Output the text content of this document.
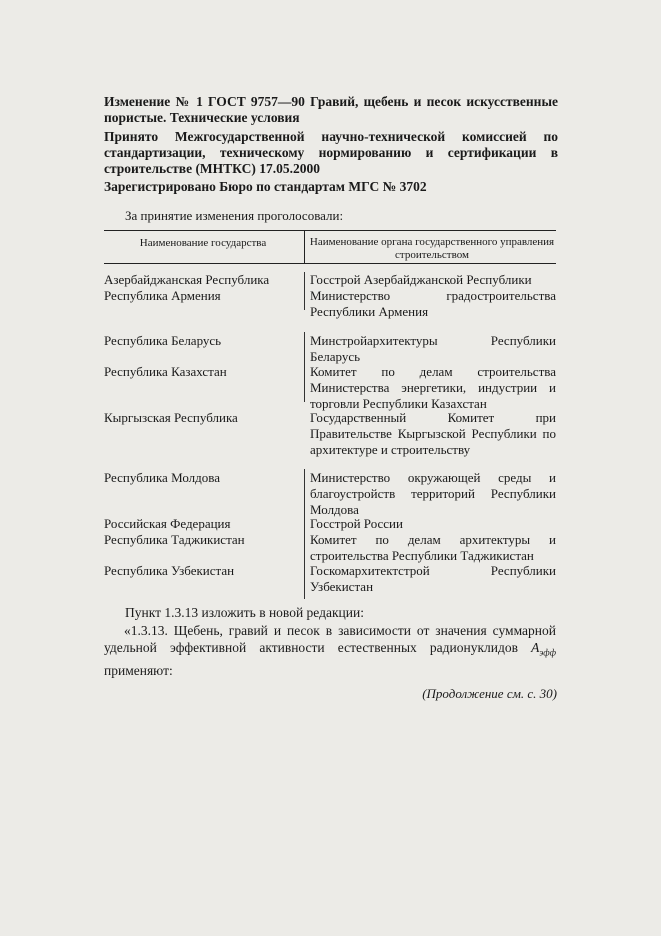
Изменение № 1 ГОСТ 9757—90 Гравий, щебень и песок искусственные пористые. Технические условия
Принято Межгосударственной научно-технической комиссией по стандартизации, техническому нормированию и сертификации в строительстве (МНТКС) 17.05.2000
Зарегистрировано Бюро по стандартам МГС № 3702
За принятие изменения проголосовали:
Наименование государства	Наименование органа государственного управления строительством
Азербайджанская Республика	Госстрой Азербайджанской Республики
Республика Армения	Министерство градостроительства Республики Армения
Республика Беларусь	Минстройархитектуры Республики Беларусь
Республика Казахстан	Комитет по делам строительства Министерства энергетики, индустрии и торговли Республики Казахстан
Кыргызская Республика	Государственный Комитет при Правительстве Кыргызской Республики по архитектуре и строительству
Республика Молдова	Министерство окружающей среды и благоустройств территорий Республики Молдова
Российская Федерация	Госстрой России
Республика Таджикистан	Комитет по делам архитектуры и строительства Республики Таджикистан
Республика Узбекистан	Госкомархитектстрой Республики Узбекистан
Пункт 1.3.13 изложить в новой редакции:
«1.3.13. Щебень, гравий и песок в зависимости от значения суммарной удельной эффективной активности естественных радионуклидов $A_{эфф}$ применяют:
(Продолжение см. с. 30)
